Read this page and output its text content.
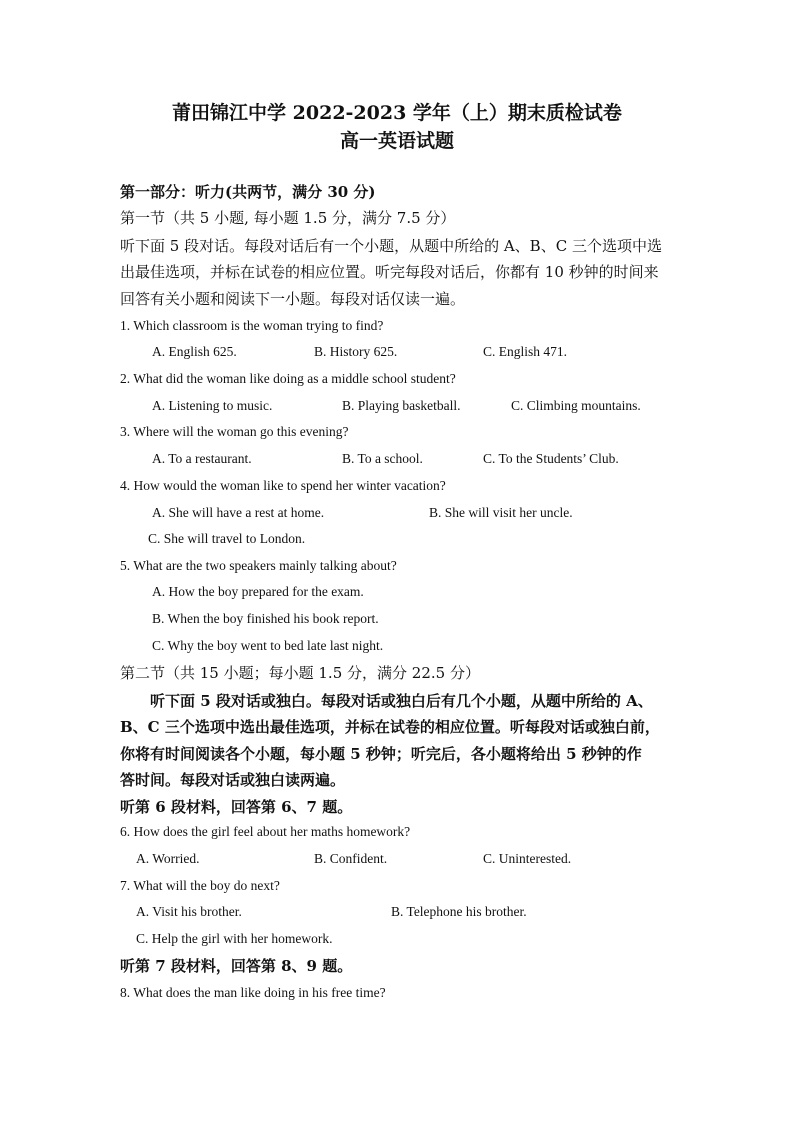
莆田锦江中学 2022-2023 学年（上）期末质检试卷
高一英语试题

第一部分：听力(共两节，满分 30 分)

第一节（共 5 小题, 每小题 1.5 分，满分 7.5 分）

听下面 5 段对话。每段对话后有一个小题，从题中所给的 A、B、C 三个选项中选

出最佳选项，并标在试卷的相应位置。听完每段对话后，你都有 10 秒钟的时间来

回答有关小题和阅读下一小题。每段对话仅读一遍。

1. Which classroom is the woman trying to find?

A. English 625.	B. History 625.	C. English 471.

2. What did the woman like doing as a middle school student?

A. Listening to music.	B. Playing basketball.	C. Climbing mountains.

3. Where will the woman go this evening?

A. To a restaurant.	B. To a school.	C. To the Students’ Club.

4. How would the woman like to spend her winter vacation?

A. She will have a rest at home.	B. She will visit her uncle.
C. She will travel to London.

5. What are the two speakers mainly talking about?

A. How the boy prepared for the exam.
B. When the boy finished his book report.
C. Why the boy went to bed late last night.

第二节（共 15 小题；每小题 1.5 分，满分 22.5 分）

听下面 5 段对话或独白。每段对话或独白后有几个小题，从题中所给的 A、

B、C 三个选项中选出最佳选项，并标在试卷的相应位置。听每段对话或独白前，

你将有时间阅读各个小题，每小题 5 秒钟；听完后，各小题将给出 5 秒钟的作

答时间。每段对话或独白读两遍。

听第 6 段材料，回答第 6、7 题。

6. How does the girl feel about her maths homework?

A. Worried.	B. Confident.	C. Uninterested.

7. What will the boy do next?

A. Visit his brother.	B. Telephone his brother.
C. Help the girl with her homework.

听第 7 段材料，回答第 8、9 题。

8. What does the man like doing in his free time?
